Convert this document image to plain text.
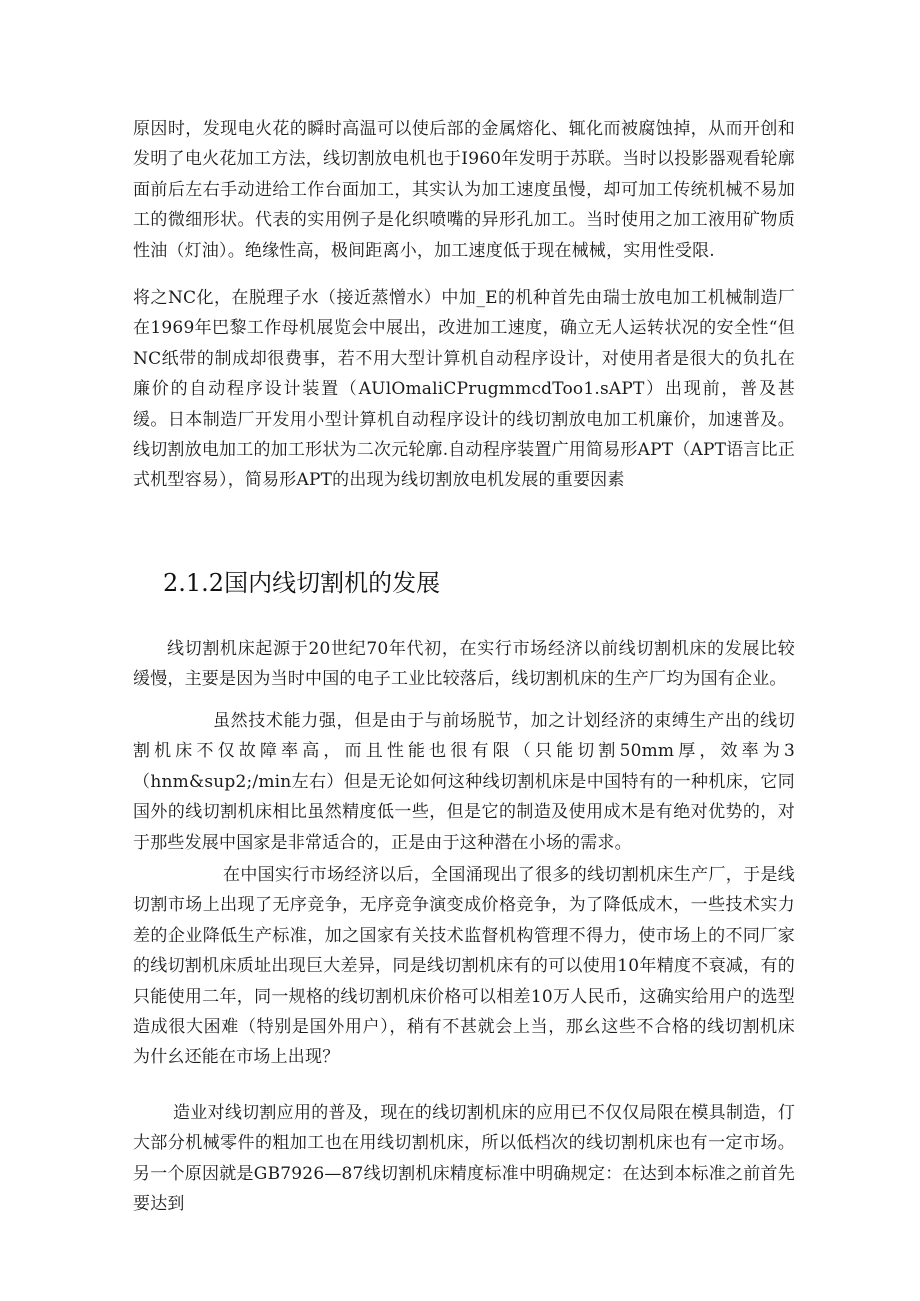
原因时，发现电火花的瞬时高温可以使后部的金属熔化、辄化而被腐蚀掉，从而开创和发明了电火花加工方法，线切割放电机也于I960年发明于苏联。当时以投影器观看轮廓面前后左右手动进给工作台面加工，其实认为加工速度虽慢，却可加工传统机械不易加工的微细形状。代表的实用例子是化织喷嘴的异形孔加工。当时使用之加工液用矿物质性油（灯油）。绝缘性高，极间距离小，加工速度低于现在械械，实用性受限.

将之NC化，在脱理子水（接近蒸憎水）中加_E的机种首先由瑞士放电加工机械制造厂在1969年巴黎工作母机展览会中展出，改进加工速度，确立无人运转状况的安全性“但NC纸带的制成却很费事，若不用大型计算机自动程序设计，对使用者是很大的负扎在廉价的自动程序设计装置（AUlOmaliCPrugmmcdToo1.sAPT）出现前，普及甚缓。日本制造厂开发用小型计算机自动程序设计的线切割放电加工机廉价，加速普及。线切割放电加工的加工形状为二次元轮廓.自动程序装置广用简易形APT（APT语言比正式机型容易），简易形APT的出现为线切割放电机发展的重要因素

2.1.2国内线切割机的发展

线切割机床起源于20世纪70年代初，在实行市场经济以前线切割机床的发展比较缓慢，主要是因为当时中国的电子工业比较落后，线切割机床的生产厂均为国有企业。

虽然技术能力强，但是由于与前场脱节，加之计划经济的束缚生产出的线切割机床不仅故障率高，而且性能也很有限（只能切割50mm厚，效率为3（hnm&sup2;/min左右）但是无论如何这种线切割机床是中国特有的一种机床，它同国外的线切割机床相比虽然精度低一些，但是它的制造及使用成木是有绝对优势的，对于那些发展中国家是非常适合的，正是由于这种潜在小场的需求。

在中国实行市场经济以后，全国涌现出了很多的线切割机床生产厂，于是线切割市场上出现了无序竞争，无序竞争演变成价格竞争，为了降低成木，一些技术实力差的企业降低生产标准，加之国家有关技术监督机构管理不得力，使市场上的不同厂家的线切割机床质址出现巨大差异，同是线切割机床有的可以使用10年精度不衰减，有的只能使用二年，同一规格的线切割机床价格可以相差10万人民币，这确实给用户的选型造成很大困难（特别是国外用户），稍有不甚就会上当，那幺这些不合格的线切割机床为什幺还能在市场上出现？

造业对线切割应用的普及，现在的线切割机床的应用已不仅仅局限在模具制造，仃大部分机械零件的粗加工也在用线切割机床，所以低档次的线切割机床也有一定市场。另一个原因就是GB7926—87线切割机床精度标准中明确规定：在达到本标准之前首先要达到
